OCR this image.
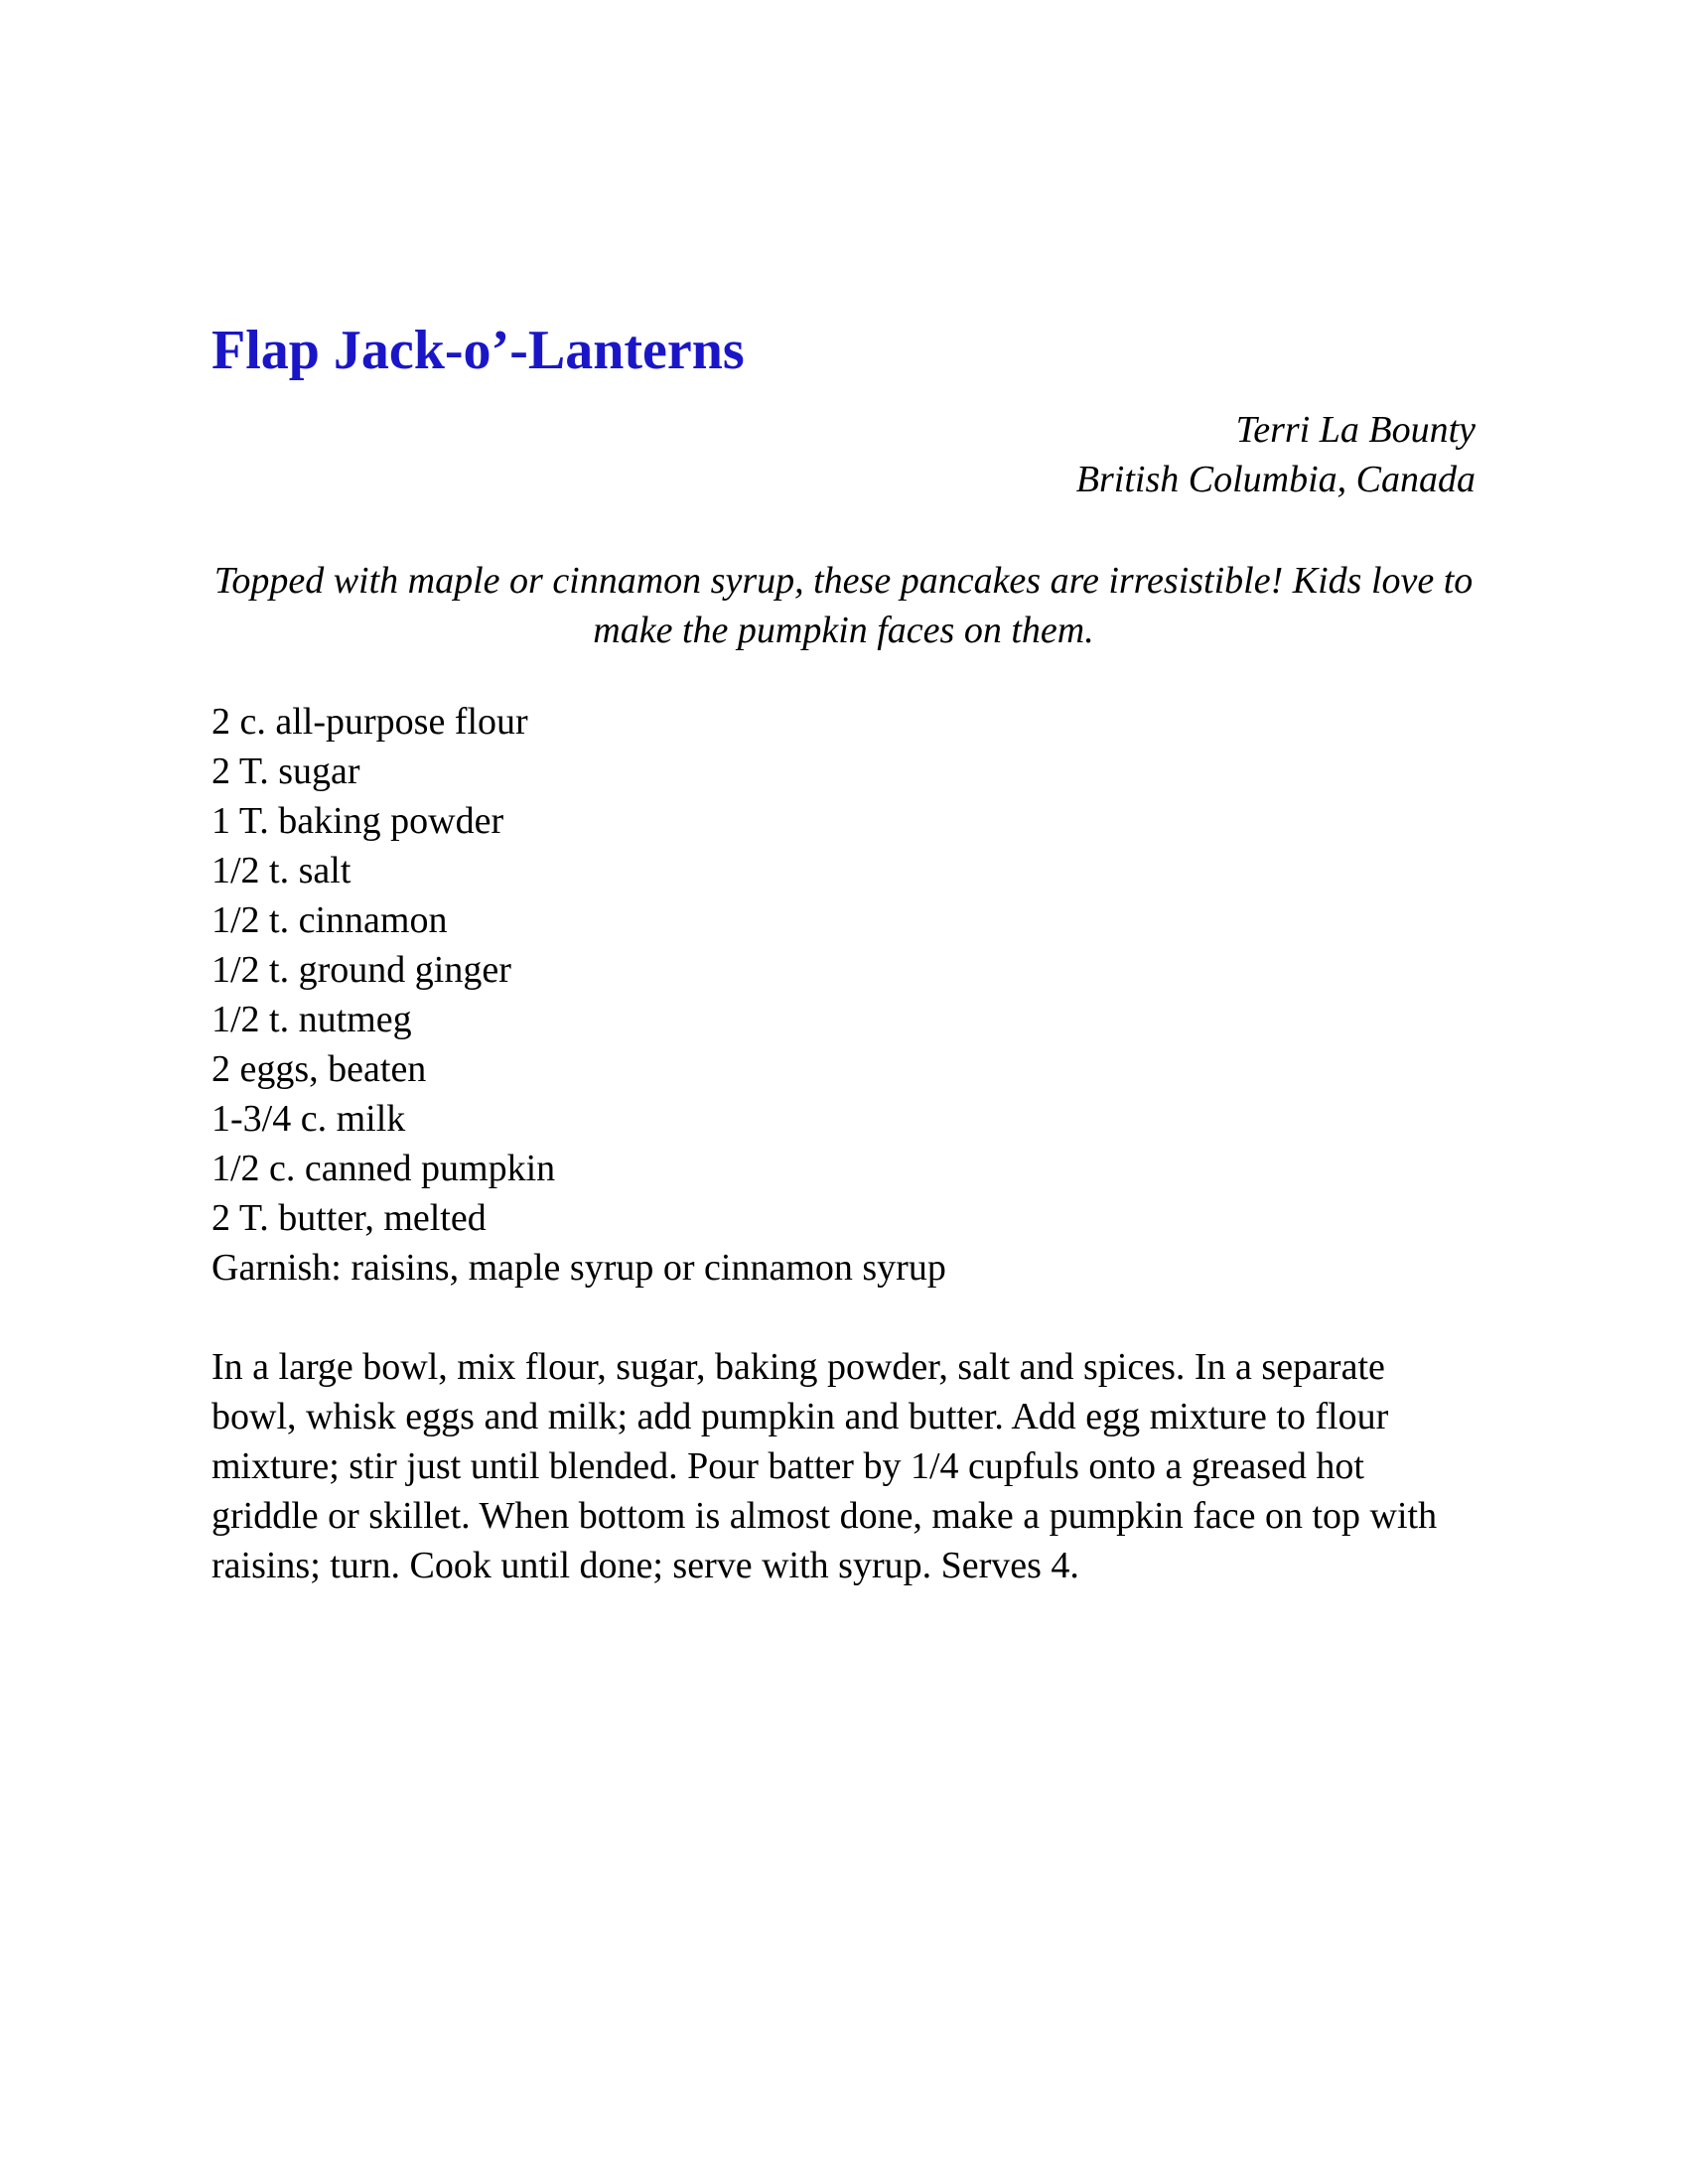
Flap Jack-o’-Lanterns
Terri La Bounty
British Columbia, Canada

Topped with maple or cinnamon syrup, these pancakes are irresistible! Kids love to make the pumpkin faces on them.

2 c. all-purpose flour
2 T. sugar
1 T. baking powder
1/2 t. salt
1/2 t. cinnamon
1/2 t. ground ginger
1/2 t. nutmeg
2 eggs, beaten
1-3/4 c. milk
1/2 c. canned pumpkin
2 T. butter, melted
Garnish: raisins, maple syrup or cinnamon syrup

In a large bowl, mix flour, sugar, baking powder, salt and spices. In a separate bowl, whisk eggs and milk; add pumpkin and butter. Add egg mixture to flour mixture; stir just until blended. Pour batter by 1/4 cupfuls onto a greased hot griddle or skillet. When bottom is almost done, make a pumpkin face on top with raisins; turn. Cook until done; serve with syrup. Serves 4.
